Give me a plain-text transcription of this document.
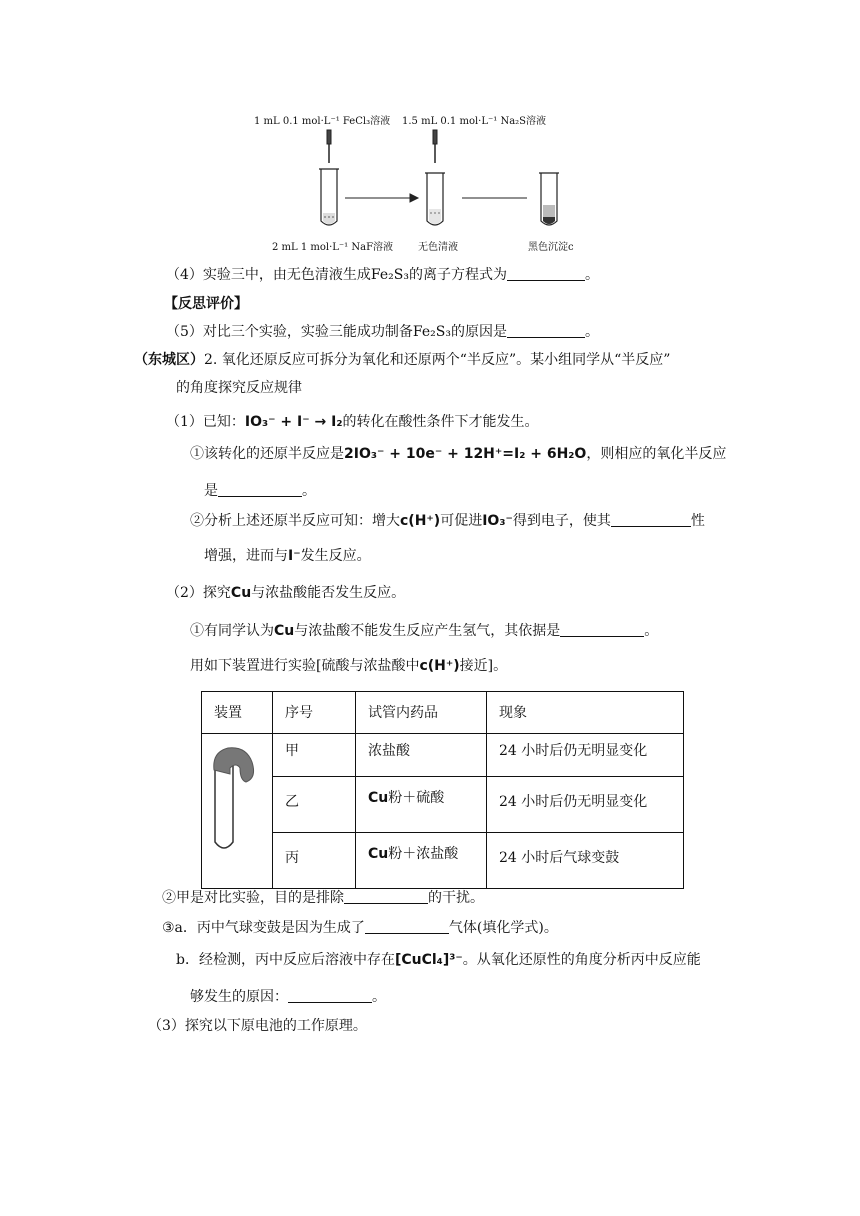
1 mL 0.1 mol·L⁻¹ FeCl₃溶液 1.5 mL 0.1 mol·L⁻¹ Na₂S溶液
2 mL 1 mol·L⁻¹ NaF溶液 无色清液	黑色沉淀c
（4）实验三中，由无色清液生成Fe₂S₃的离子方程式为	。
【反思评价】
（5）对比三个实验，实验三能成功制备Fe₂S₃的原因是	。
（东城区）2. 氧化还原反应可拆分为氧化和还原两个“半反应”。某小组同学从“半反应”
的角度探究反应规律
（1）已知：IO₃⁻ + I⁻ → I₂的转化在酸性条件下才能发生。
①该转化的还原半反应是2IO₃⁻ + 10e⁻ + 12H⁺=I₂ + 6H₂O，则相应的氧化半反应
是	。
②分析上述还原半反应可知：增大c(H⁺)可促进IO₃⁻得到电子，使其	性
增强，进而与I⁻发生反应。
（2）探究Cu与浓盐酸能否发生反应。
①有同学认为Cu与浓盐酸不能发生反应产生氢气，其依据是	。
用如下装置进行实验[硫酸与浓盐酸中c(H⁺)接近]。
装置	序号	试管内药品	现象
	甲	浓盐酸	24 小时后仍无明显变化
	乙	Cu粉＋硫酸	24 小时后仍无明显变化
	丙	Cu粉＋浓盐酸	24 小时后气球变鼓
②甲是对比实验，目的是排除	的干扰。
③a．丙中气球变鼓是因为生成了	气体(填化学式)。
b．经检测，丙中反应后溶液中存在[CuCl₄]³⁻。从氧化还原性的角度分析丙中反应能
够发生的原因：	。
（3）探究以下原电池的工作原理。
